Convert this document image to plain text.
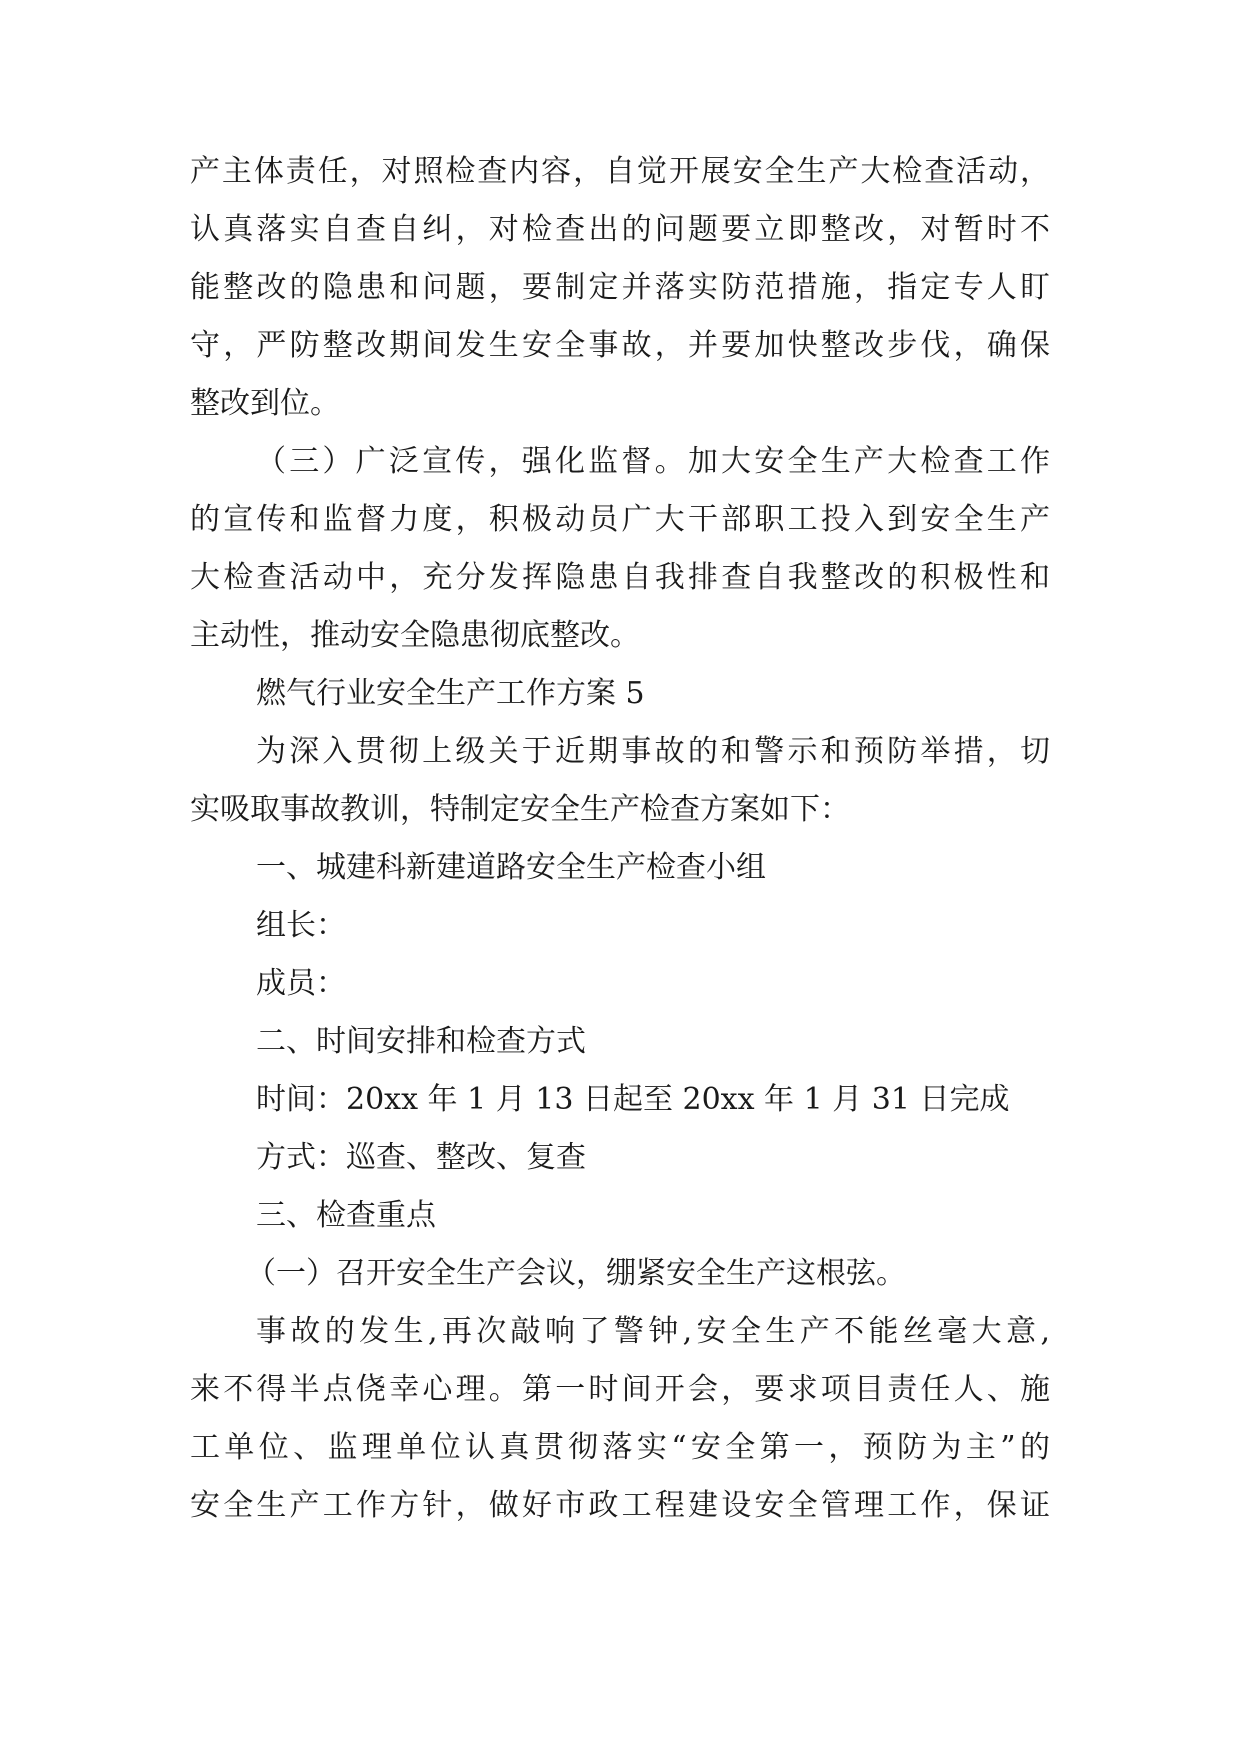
产主体责任，对照检查内容，自觉开展安全生产大检查活动，
认真落实自查自纠，对检查出的问题要立即整改，对暂时不
能整改的隐患和问题，要制定并落实防范措施，指定专人盯
守，严防整改期间发生安全事故，并要加快整改步伐，确保
整改到位。
（三）广泛宣传，强化监督。加大安全生产大检查工作
的宣传和监督力度，积极动员广大干部职工投入到安全生产
大检查活动中，充分发挥隐患自我排查自我整改的积极性和
主动性，推动安全隐患彻底整改。
燃气行业安全生产工作方案 5
为深入贯彻上级关于近期事故的和警示和预防举措，切
实吸取事故教训，特制定安全生产检查方案如下：
一、城建科新建道路安全生产检查小组
组长：
成员：
二、时间安排和检查方式
时间：20xx 年 1 月 13 日起至 20xx 年 1 月 31 日完成
方式：巡查、整改、复查
三、检查重点
（一）召开安全生产会议，绷紧安全生产这根弦。
事故的发生,再次敲响了警钟,安全生产不能丝毫大意,
来不得半点侥幸心理。第一时间开会，要求项目责任人、施
工单位、监理单位认真贯彻落实“安全第一，预防为主”的
安全生产工作方针，做好市政工程建设安全管理工作，保证
